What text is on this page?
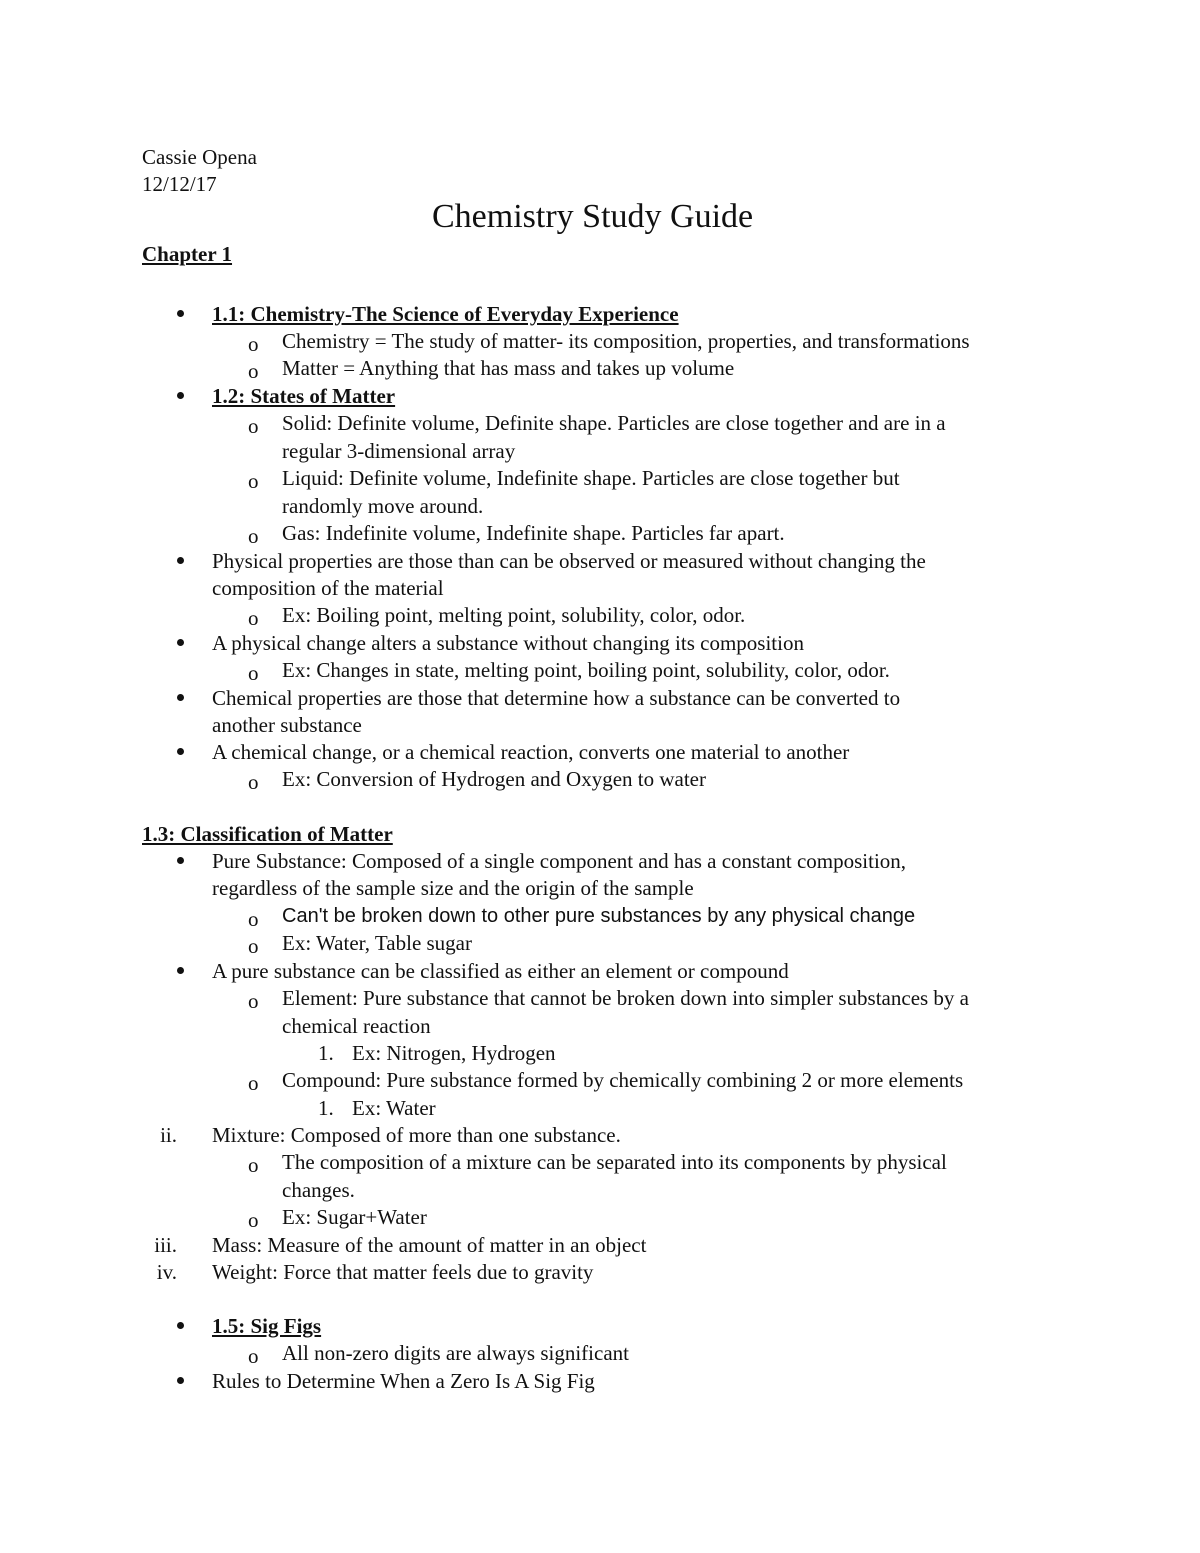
Cassie Opena
12/12/17
Chemistry Study Guide
Chapter 1
1.1: Chemistry-The Science of Everyday Experience
o Chemistry = The study of matter- its composition, properties, and transformations
o Matter = Anything that has mass and takes up volume
1.2: States of Matter
o Solid: Definite volume, Definite shape. Particles are close together and are in a
regular 3-dimensional array
o Liquid: Definite volume, Indefinite shape. Particles are close together but
randomly move around.
o Gas: Indefinite volume, Indefinite shape. Particles far apart.
Physical properties are those than can be observed or measured without changing the
composition of the material
o Ex: Boiling point, melting point, solubility, color, odor.
A physical change alters a substance without changing its composition
o Ex: Changes in state, melting point, boiling point, solubility, color, odor.
Chemical properties are those that determine how a substance can be converted to
another substance
A chemical change, or a chemical reaction, converts one material to another
o Ex: Conversion of Hydrogen and Oxygen to water
1.3: Classification of Matter
Pure Substance: Composed of a single component and has a constant composition,
regardless of the sample size and the origin of the sample
o Can't be broken down to other pure substances by any physical change
o Ex: Water, Table sugar
A pure substance can be classified as either an element or compound
o Element: Pure substance that cannot be broken down into simpler substances by a
chemical reaction
1. Ex: Nitrogen, Hydrogen
o Compound: Pure substance formed by chemically combining 2 or more elements
1. Ex: Water
ii. Mixture: Composed of more than one substance.
o The composition of a mixture can be separated into its components by physical
changes.
o Ex: Sugar+Water
iii. Mass: Measure of the amount of matter in an object
iv. Weight: Force that matter feels due to gravity
1.5: Sig Figs
o All non-zero digits are always significant
Rules to Determine When a Zero Is A Sig Fig
